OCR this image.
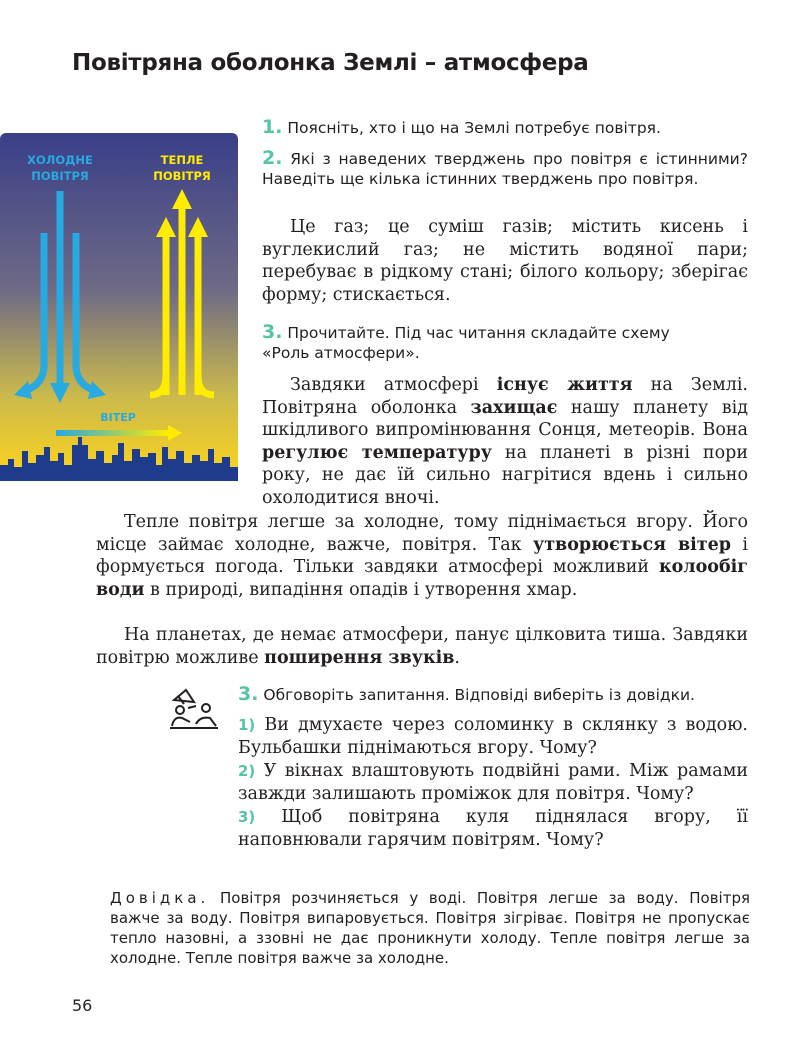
Повітряна оболонка Землі – атмосфера
ХОЛОДНЕ
ПОВІТРЯ
ТЕПЛЕ
ПОВІТРЯ
ВІТЕР

1. Поясніть, хто і що на Землі потребує повітря.

2. Які з наведених тверджень про повітря є істинними? Наведіть ще кілька істинних тверджень про повітря.

Це газ; це суміш газів; містить кисень і вуглекислий газ; не містить водяної пари; перебуває в рідкому стані; білого кольору; зберігає форму; стискається.

3. Прочитайте. Під час читання складайте схему «Роль атмосфери».

Завдяки атмосфері існує життя на Землі. Повітряна оболонка захищає нашу планету від шкідливого випромінювання Сонця, метеорів. Вона регулює температуру на планеті в різні пори року, не дає їй сильно нагрітися вдень і сильно охолодитися вночі.

Тепле повітря легше за холодне, тому піднімається вгору. Його місце займає холодне, важче, повітря. Так утворюється вітер і формується погода. Тільки завдяки атмосфері можливий колообіг води в природі, випадіння опадів і утворення хмар.

На планетах, де немає атмосфери, панує цілковита тиша. Завдяки повітрю можливе поширення звуків.

3. Обговоріть запитання. Відповіді виберіть із довідки.

1) Ви дмухаєте через соломинку в склянку з водою. Бульбашки піднімаються вгору. Чому?
2) У вікнах влаштовують подвійні рами. Між рамами завжди залишають проміжок для повітря. Чому?
3) Щоб повітряна куля піднялася вгору, її наповнювали гарячим повітрям. Чому?

Довідка. Повітря розчиняється у воді. Повітря легше за воду. Повітря важче за воду. Повітря випаровується. Повітря зігріває. Повітря не пропускає тепло назовні, а ззовні не дає проникнути холоду. Тепле повітря легше за холодне. Тепле повітря важче за холодне.

56
